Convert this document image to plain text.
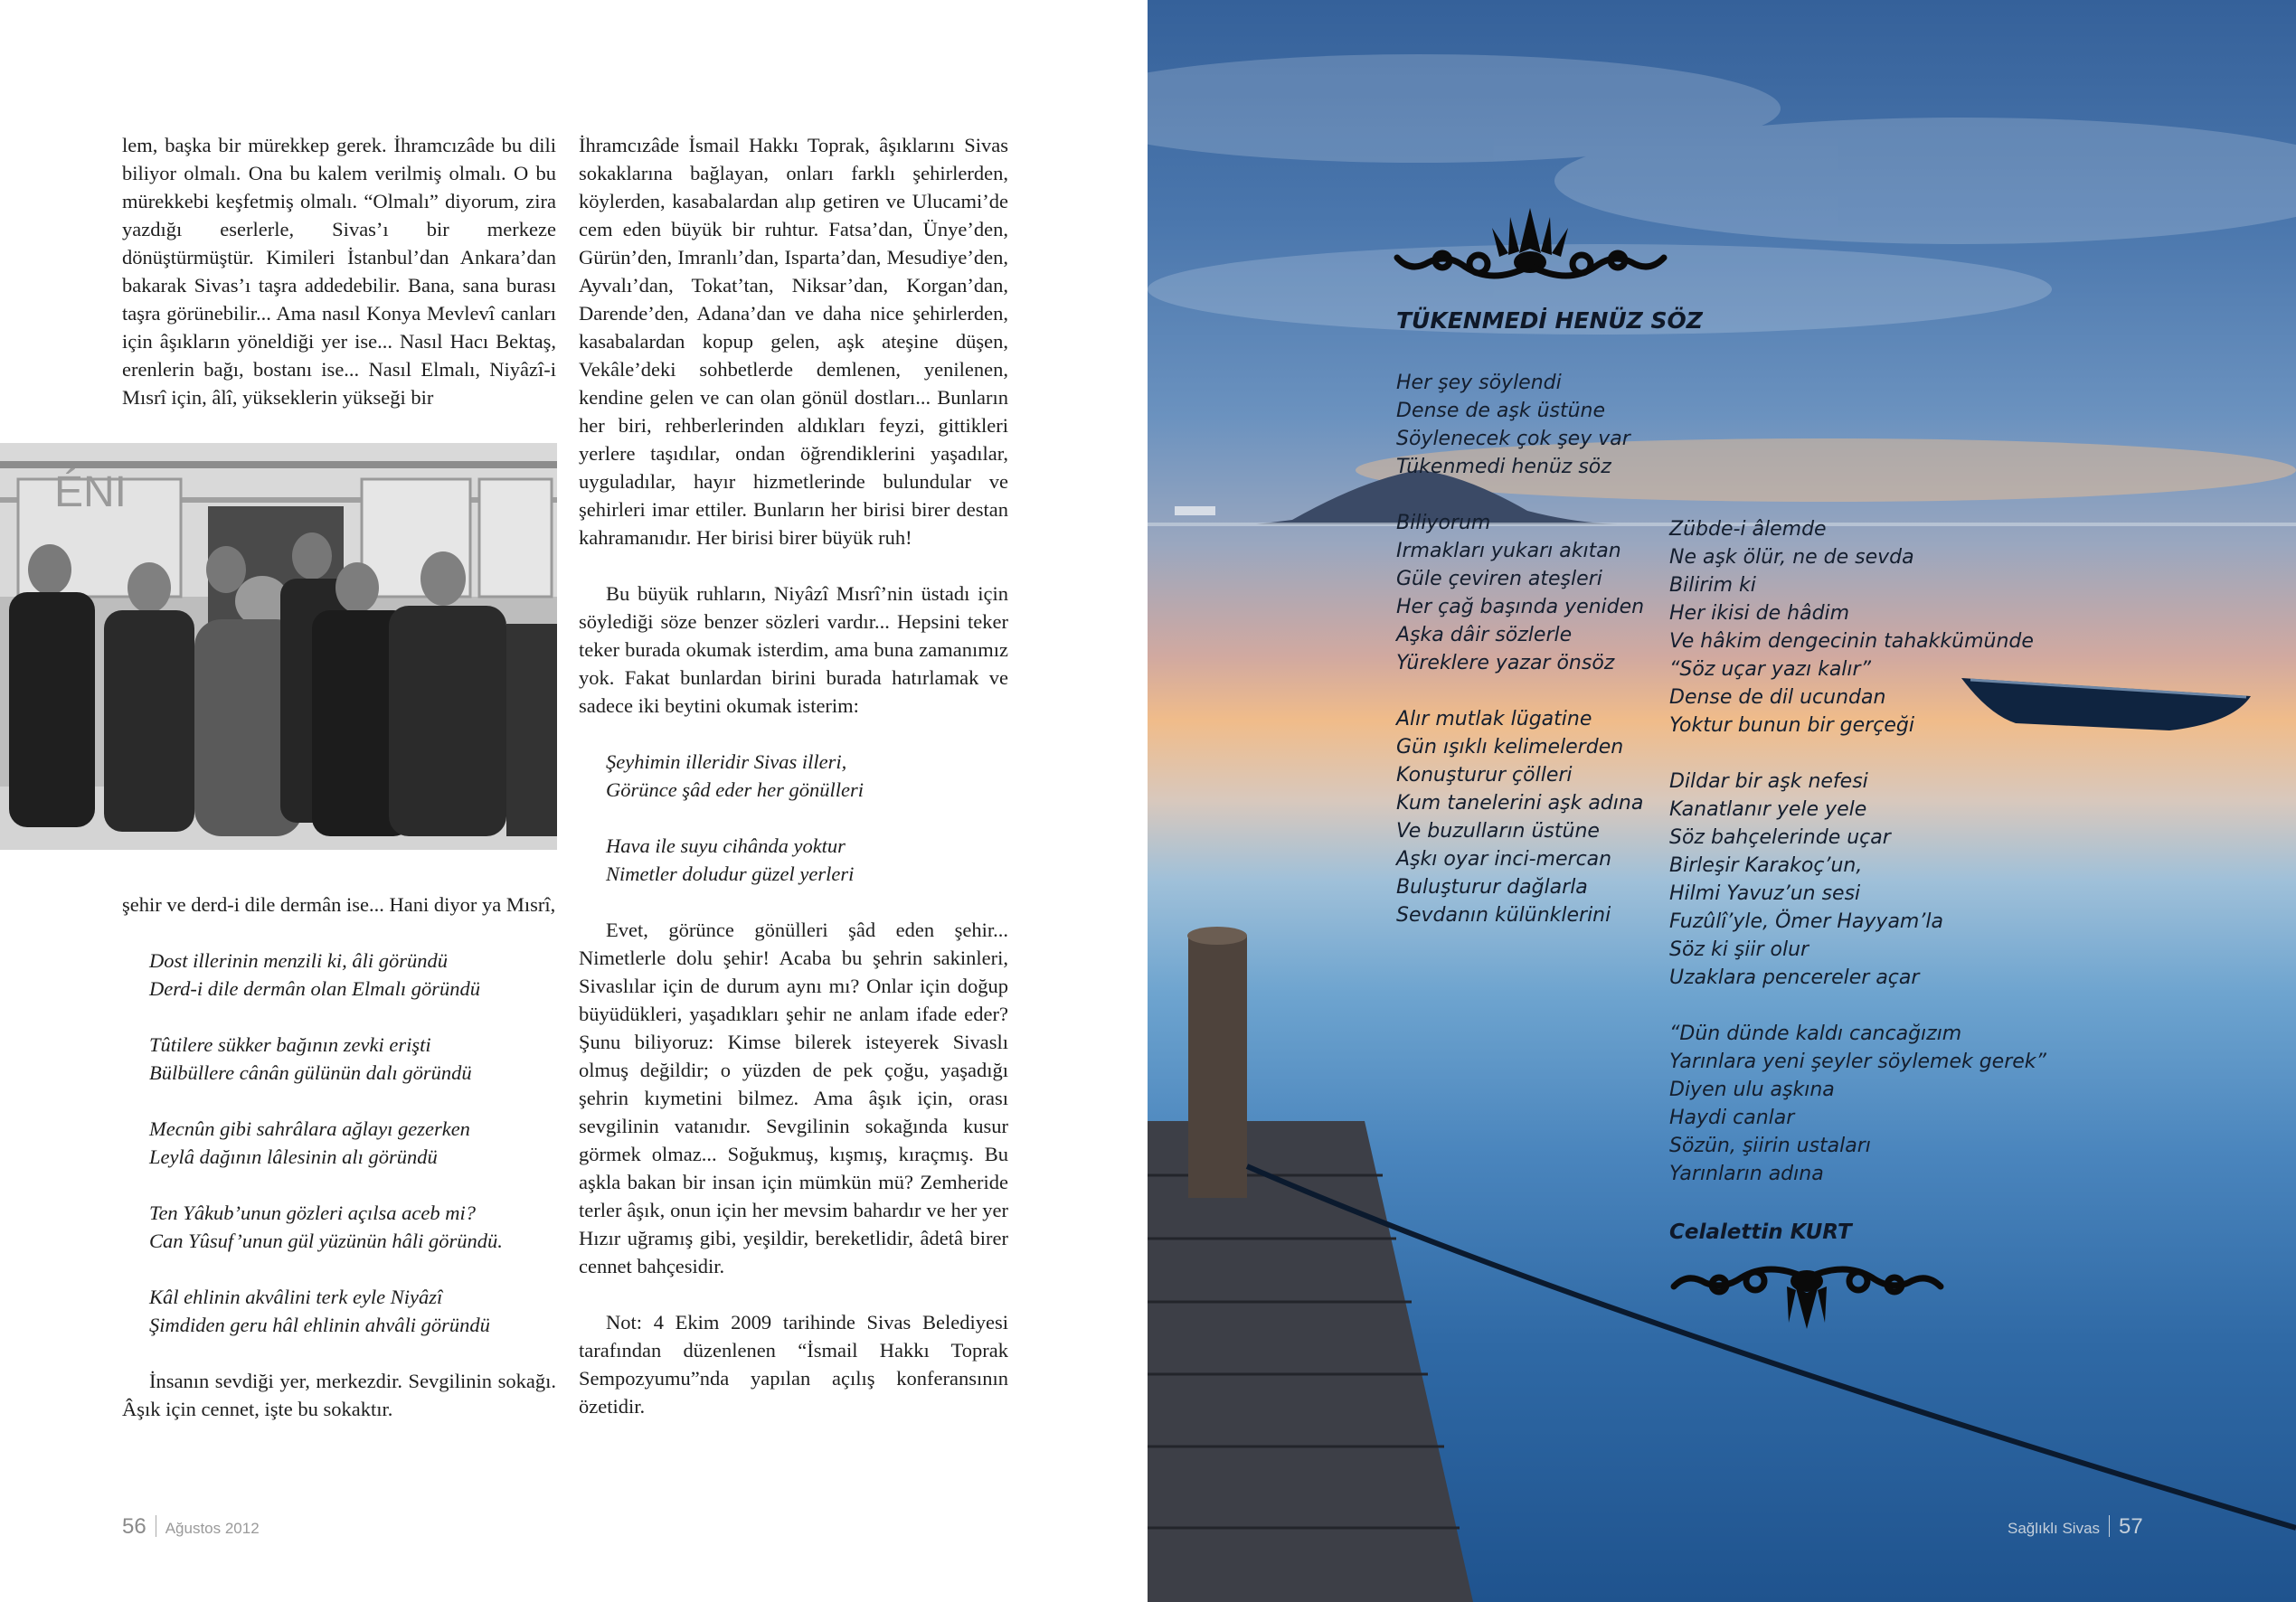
lem, başka bir mürekkep gerek. İhramcızâde bu dili biliyor olmalı. Ona bu kalem verilmiş olmalı. O bu mürekkebi keşfetmiş olmalı. “Olmalı” diyorum, zira yazdığı eserlerle, Sivas’ı bir merkeze dönüştürmüştür. Kimileri İstanbul’dan Ankara’dan bakarak Sivas’ı taşra addedebilir. Bana, sana burası taşra görünebilir... Ama nasıl Konya Mevlevî canları için âşıkların yöneldiği yer ise... Nasıl Hacı Bektaş, erenlerin bağı, bostanı ise... Nasıl Elmalı, Niyâzî-i Mısrî için, âlî, yükseklerin yükseği bir

ÉNI

şehir ve derd-i dile dermân ise... Hani diyor ya Mısrî,

Dost illerinin menzili ki, âli göründü

Derd-i dile dermân olan Elmalı göründü

Tûtilere sükker bağının zevki erişti

Bülbüllere cânân gülünün dalı göründü

Mecnûn gibi sahrâlara ağlayı gezerken

Leylâ dağının lâlesinin alı göründü

Ten Yâkub’unun gözleri açılsa aceb mi?

Can Yûsuf’unun gül yüzünün hâli göründü.

Kâl ehlinin akvâlini terk eyle Niyâzî

Şimdiden geru hâl ehlinin ahvâli göründü

İnsanın sevdiği yer, merkezdir. Sevgilinin sokağı. Âşık için cennet, işte bu sokaktır.

İhramcızâde İsmail Hakkı Toprak, âşıklarını Sivas sokaklarına bağlayan, onları farklı şehirlerden, köylerden, kasabalardan alıp getiren ve Ulucami’de cem eden büyük bir ruhtur. Fatsa’dan, Ünye’den, Gürün’den, Imranlı’dan, Isparta’dan, Mesudiye’den, Ayvalı’dan, Tokat’tan, Niksar’dan, Korgan’dan, Darende’den, Adana’dan ve daha nice şehirlerden, kasabalardan kopup gelen, aşk ateşine düşen, Vekâle’deki sohbetlerde demlenen, yenilenen, kendine gelen ve can olan gönül dostları... Bunların her biri, rehberlerinden aldıkları feyzi, gittikleri yerlere taşıdılar, ondan öğrendiklerini yaşadılar, uyguladılar, hayır hizmetlerinde bulundular ve şehirleri imar ettiler. Bunların her birisi birer destan kahramanıdır. Her birisi birer büyük ruh!

Bu büyük ruhların, Niyâzî Mısrî’nin üstadı için söylediği söze benzer sözleri vardır... Hepsini teker teker burada okumak isterdim, ama buna zamanımız yok. Fakat bunlardan birini burada hatırlamak ve sadece iki beytini okumak isterim:

Şeyhimin illeridir Sivas illeri,

Görünce şâd eder her gönülleri

Hava ile suyu cihânda yoktur

Nimetler doludur güzel yerleri

Evet, görünce gönülleri şâd eden şehir... Nimetlerle dolu şehir! Acaba bu şehrin sakinleri, Sivaslılar için de durum aynı mı? Onlar için doğup büyüdükleri, yaşadıkları şehir ne anlam ifade eder? Şunu biliyoruz: Kimse bilerek isteyerek Sivaslı olmuş değildir; o yüzden de pek çoğu, yaşadığı şehrin kıymetini bilmez. Ama âşık için, orası sevgilinin vatanıdır. Sevgilinin sokağında kusur görmek olmaz... Soğukmuş, kışmış, kıraçmış. Bu aşkla bakan bir insan için mümkün mü? Zemheride terler âşık, onun için her mevsim bahardır ve her yer Hızır uğramış gibi, yeşildir, bereketlidir, âdetâ birer cennet bahçesidir.

Not: 4 Ekim 2009 tarihinde Sivas Belediyesi tarafından düzenlenen “İsmail Hakkı Toprak Sempozyumu”nda yapılan açılış konferansının özetidir.

56 Ağustos 2012
TÜKENMEDİ HENÜZ SÖZ

Her şey söylendi

Dense de aşk üstüne

Söylenecek çok şey var

Tükenmedi henüz söz

Biliyorum

Irmakları yukarı akıtan

Güle çeviren ateşleri

Her çağ başında yeniden

Aşka dâir sözlerle

Yüreklere yazar önsöz

Alır mutlak lügatine

Gün ışıklı kelimelerden

Konuşturur çölleri

Kum tanelerini aşk adına

Ve buzulların üstüne

Aşkı oyar inci-mercan

Buluşturur dağlarla

Sevdanın külünklerini

Zübde-i âlemde

Ne aşk ölür, ne de sevda

Bilirim ki

Her ikisi de hâdim

Ve hâkim dengecinin tahakkümünde

“Söz uçar yazı kalır”

Dense de dil ucundan

Yoktur bunun bir gerçeği

Dildar bir aşk nefesi

Kanatlanır yele yele

Söz bahçelerinde uçar

Birleşir Karakoç’un,

Hilmi Yavuz’un sesi

Fuzûlî’yle, Ömer Hayyam’la

Söz ki şiir olur

Uzaklara pencereler açar

“Dün dünde kaldı cancağızım

Yarınlara yeni şeyler söylemek gerek”

Diyen ulu aşkına

Haydi canlar

Sözün, şiirin ustaları

Yarınların adına

Celalettin KURT
Sağlıklı Sivas 57
